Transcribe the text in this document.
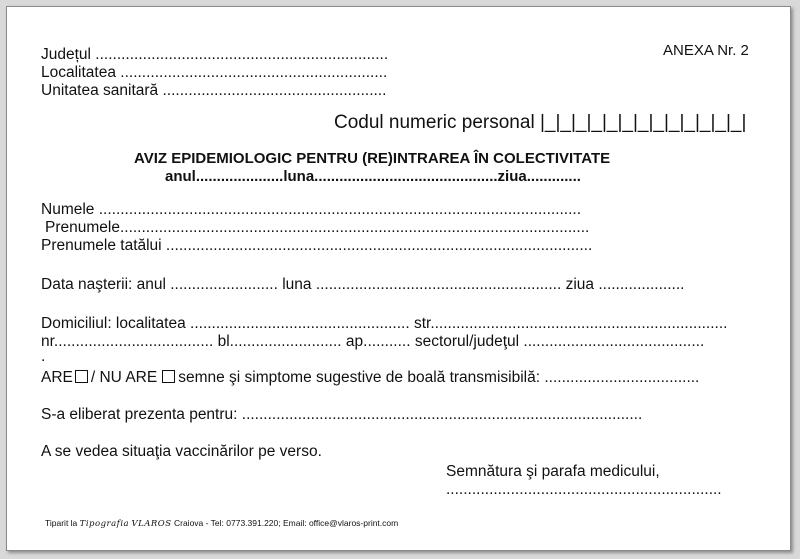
Județul ....................................................................
Localitatea ..............................................................
Unitatea sanitară ....................................................
ANEXA Nr. 2
Codul numeric personal |_|_|_|_|_|_|_|_|_|_|_|_|_|
AVIZ EPIDEMIOLOGIC PENTRU (RE)INTRAREA ÎN COLECTIVITATE
anul.....................luna............................................ziua.............
Numele ................................................................................................................
Prenumele.............................................................................................................
Prenumele tatălui ...................................................................................................
Data naşterii: anul ......................... luna ......................................................... ziua ....................
Domiciliul: localitatea ................................................... str.....................................................................
nr..................................... bl.......................... ap........... sectorul/judeţul ..........................................
.
ARE / NU ARE semne şi simptome sugestive de boală transmisibilă: ....................................
S-a eliberat prezenta pentru: .............................................................................................
A se vedea situaţia vaccinărilor pe verso.
Semnătura şi parafa medicului,
................................................................
Tiparit la Tipografia VLAROS Craiova - Tel: 0773.391.220; Email: office@vlaros-print.com
